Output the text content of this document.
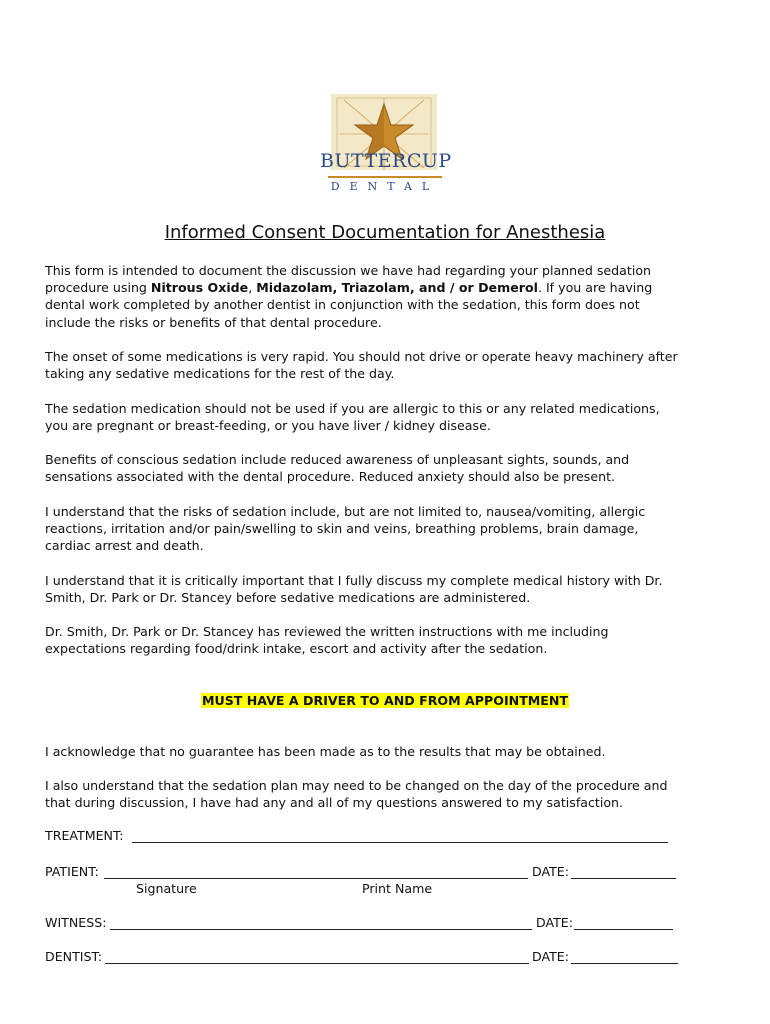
BUTTERCUP
DENTAL
Informed Consent Documentation for Anesthesia
This form is intended to document the discussion we have had regarding your planned sedation procedure using Nitrous Oxide, Midazolam, Triazolam, and / or Demerol. If you are having dental work completed by another dentist in conjunction with the sedation, this form does not include the risks or benefits of that dental procedure.
The onset of some medications is very rapid. You should not drive or operate heavy machinery after taking any sedative medications for the rest of the day.
The sedation medication should not be used if you are allergic to this or any related medications, you are pregnant or breast-feeding, or you have liver / kidney disease.
Benefits of conscious sedation include reduced awareness of unpleasant sights, sounds, and sensations associated with the dental procedure. Reduced anxiety should also be present.
I understand that the risks of sedation include, but are not limited to, nausea/vomiting, allergic reactions, irritation and/or pain/swelling to skin and veins, breathing problems, brain damage, cardiac arrest and death.
I understand that it is critically important that I fully discuss my complete medical history with Dr. Smith, Dr. Park or Dr. Stancey before sedative medications are administered.
Dr. Smith, Dr. Park or Dr. Stancey has reviewed the written instructions with me including expectations regarding food/drink intake, escort and activity after the sedation.
MUST HAVE A DRIVER TO AND FROM APPOINTMENT
I acknowledge that no guarantee has been made as to the results that may be obtained.
I also understand that the sedation plan may need to be changed on the day of the procedure and that during discussion, I have had any and all of my questions answered to my satisfaction.
TREATMENT:
PATIENT:	DATE:
Signature	Print Name
WITNESS:	DATE:
DENTIST:	DATE:
